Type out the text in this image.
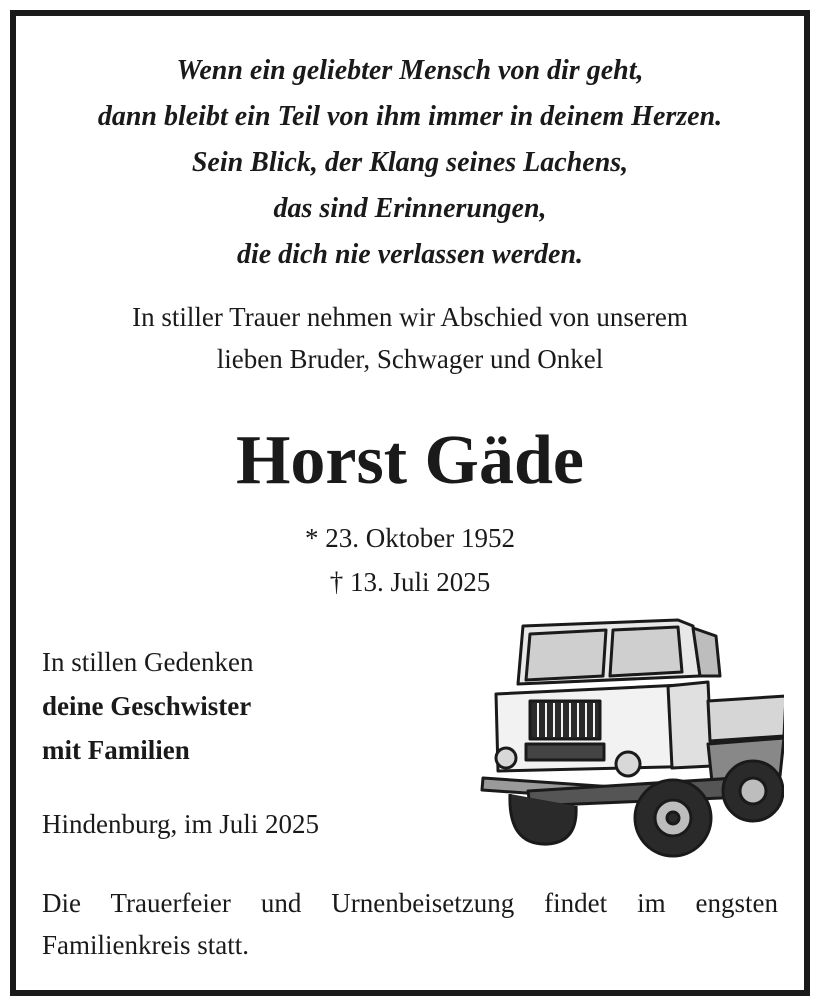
Wenn ein geliebter Mensch von dir geht,
dann bleibt ein Teil von ihm immer in deinem Herzen.
Sein Blick, der Klang seines Lachens,
das sind Erinnerungen,
die dich nie verlassen werden.
In stiller Trauer nehmen wir Abschied von unserem
lieben Bruder, Schwager und Onkel
Horst Gäde
* 23. Oktober 1952
† 13. Juli 2025
In stillen Gedenken
deine Geschwister
mit Familien
Hindenburg, im Juli 2025
Die Trauerfeier und Urnenbeisetzung findet im engsten Familienkreis statt.
